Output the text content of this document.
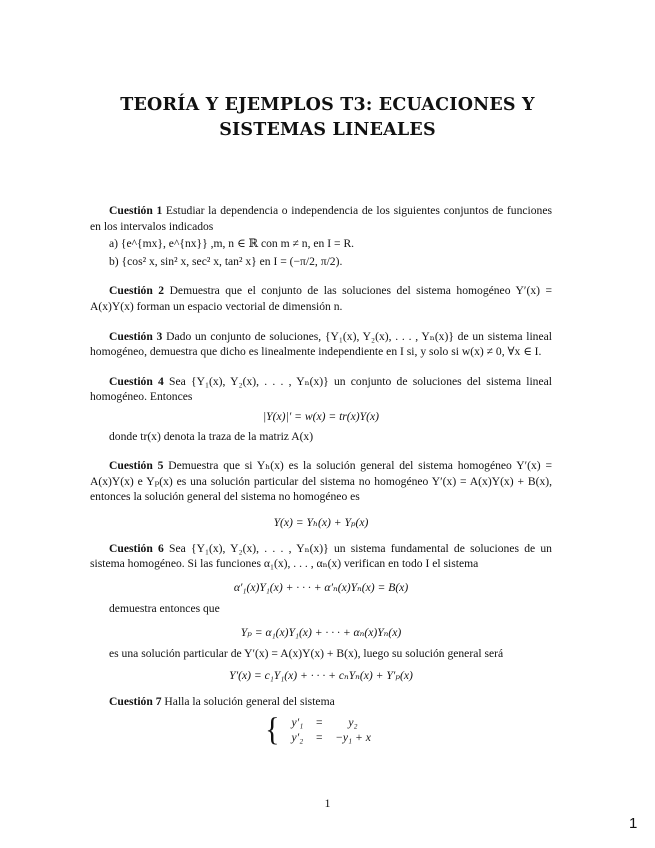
TEORÍA Y EJEMPLOS T3: ECUACIONES Y
SISTEMAS LINEALES

Cuestión 1 Estudiar la dependencia o independencia de los siguientes conjuntos de funciones en los intervalos indicados

a) {e^{mx}, e^{nx}} ,m, n ∈ ℝ con m ≠ n, en I = R.
b) {cos² x, sin² x, sec² x, tan² x} en I = (−π/2, π/2).

Cuestión 2 Demuestra que el conjunto de las soluciones del sistema homogéneo Y′(x) = A(x)Y(x) forman un espacio vectorial de dimensión n.

Cuestión 3 Dado un conjunto de soluciones, {Y₁(x), Y₂(x), . . . , Yₙ(x)} de un sistema lineal homogéneo, demuestra que dicho es linealmente independiente en I si, y solo si w(x) ≠ 0, ∀x ∈ I.

Cuestión 4 Sea {Y₁(x), Y₂(x), . . . , Yₙ(x)} un conjunto de soluciones del sistema lineal homogéneo. Entonces

|Y(x)|′ = w(x) = tr(x)Y(x)
donde tr(x) denota la traza de la matriz A(x)

Cuestión 5 Demuestra que si Yₕ(x) es la solución general del sistema homogéneo Y′(x) = A(x)Y(x) e Yₚ(x) es una solución particular del sistema no homogéneo Y′(x) = A(x)Y(x) + B(x), entonces la solución general del sistema no homogéneo es

Y(x) = Yₕ(x) + Yₚ(x)

Cuestión 6 Sea {Y₁(x), Y₂(x), . . . , Yₙ(x)} un sistema fundamental de soluciones de un sistema homogéneo. Si las funciones α₁(x), . . . , αₙ(x) verifican en todo I el sistema

α′₁(x)Y₁(x) + · · · + α′ₙ(x)Yₙ(x) = B(x)
demuestra entonces que
Yₚ = α₁(x)Y₁(x) + · · · + αₙ(x)Yₙ(x)
es una solución particular de Y′(x) = A(x)Y(x) + B(x), luego su solución general será
Y′(x) = c₁Y₁(x) + · · · + cₙYₙ(x) + Y′ₚ(x)

Cuestión 7 Halla la solución general del sistema

{ y′₁	=	y₂
y′₂	=	−y₁ + x
1
1
